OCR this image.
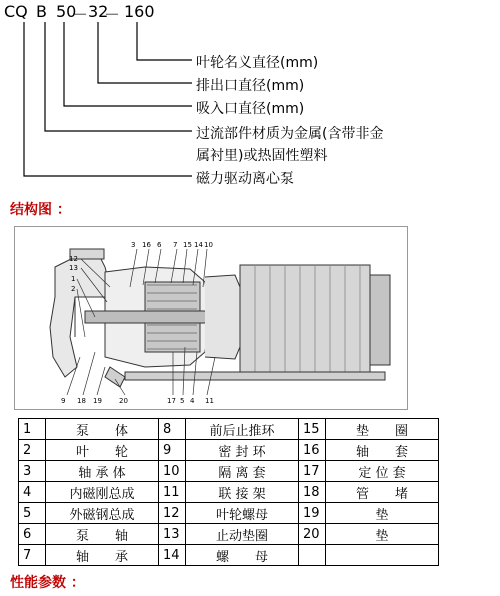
CQ

B

50

－

32

－

160

叶轮名义直径(mm)
排出口直径(mm)
吸入口直径(mm)
过流部件材质为金属(含带非金
属衬里)或热固性塑料
磁力驱动离心泵
结构图 ：
3 16 6 7 15 14 10
12
13
1
2
9 18 19 20	17 5 4 11
1	泵　　体	8	前后止推环	15	垫　　圈
2	叶　　轮	9	密 封 环	16	轴　　套
3	轴 承 体	10	隔 离 套	17	定 位 套
4	内磁刚总成	11	联 接 架	18	管　　堵
5	外磁钢总成	12	叶轮螺母	19	垫
6	泵　　轴	13	止动垫圈	20	垫
7	轴　　承	14	螺　　母		
性能参数 ：
